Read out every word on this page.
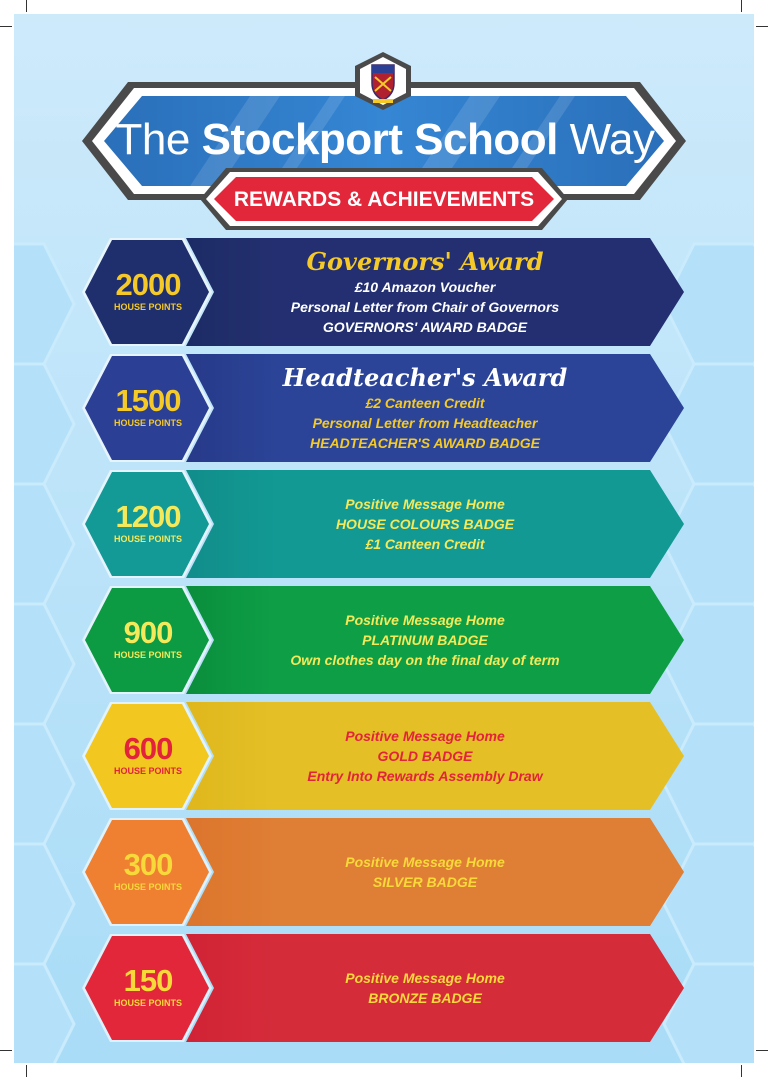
The Stockport School Way
REWARDS & ACHIEVEMENTS
2000
HOUSE POINTS
Governors' Award
£10 Amazon Voucher
Personal Letter from Chair of Governors
GOVERNORS' AWARD BADGE
1500
HOUSE POINTS
Headteacher's Award
£2 Canteen Credit
Personal Letter from Headteacher
HEADTEACHER'S AWARD BADGE
1200
HOUSE POINTS
Positive Message Home
HOUSE COLOURS BADGE
£1 Canteen Credit
900
HOUSE POINTS
Positive Message Home
PLATINUM BADGE
Own clothes day on the final day of term
600
HOUSE POINTS
Positive Message Home
GOLD BADGE
Entry Into Rewards Assembly Draw
300
HOUSE POINTS
Positive Message Home
SILVER BADGE
150
HOUSE POINTS
Positive Message Home
BRONZE BADGE
